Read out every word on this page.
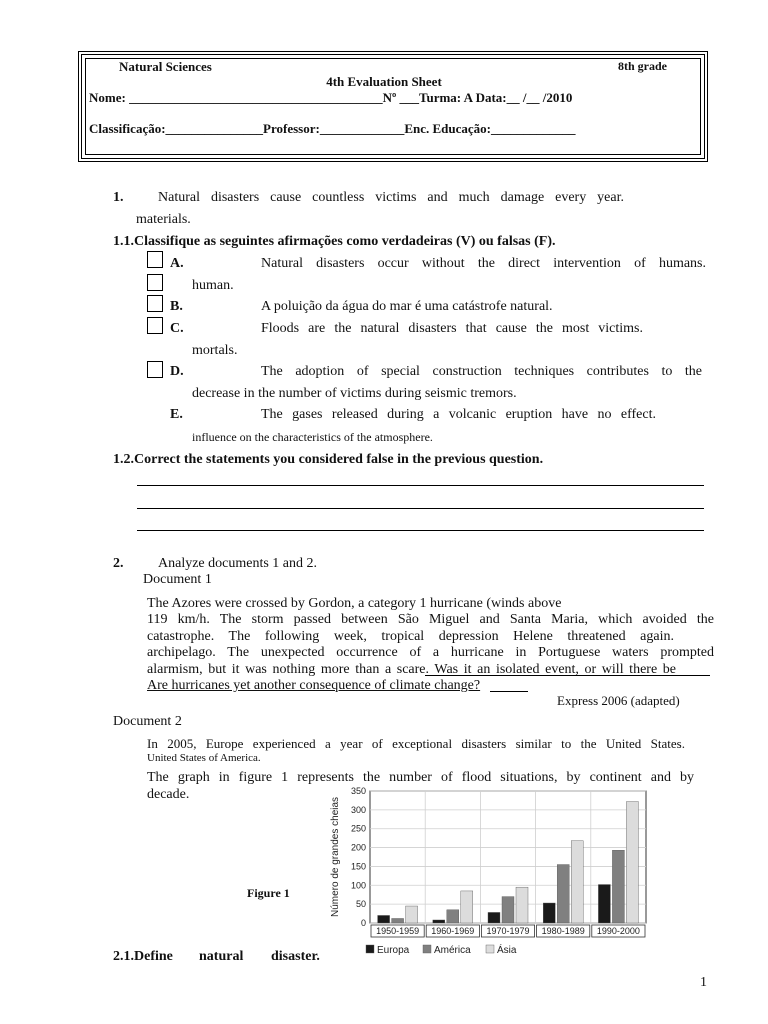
Natural Sciences	8th grade
4th Evaluation Sheet
Nome: _______________________________________Nº ___Turma: A Data:__ /__ /2010
Classificação:_______________Professor:_____________Enc. Educação:_____________
1. Natural disasters cause countless victims and much damage every year.
materials.
1.1.Classifique as seguintes afirmações como verdadeiras (V) ou falsas (F).
A.	Natural disasters occur without the direct intervention of humans.
human.
B.	A poluição da água do mar é uma catástrofe natural.
C.	Floods are the natural disasters that cause the most victims.
mortals.
D.	The adoption of special construction techniques contributes to the
decrease in the number of victims during seismic tremors.
E.	The gases released during a volcanic eruption have no effect.
influence on the characteristics of the atmosphere.
1.2.Correct the statements you considered false in the previous question.
2. Analyze documents 1 and 2.
Document 1
The Azores were crossed by Gordon, a category 1 hurricane (winds above
119 km/h. The storm passed between São Miguel and Santa Maria, which avoided the
catastrophe. The following week, tropical depression Helene threatened again.
archipelago. The unexpected occurrence of a hurricane in Portuguese waters prompted
alarmism, but it was nothing more than a scare. Was it an isolated event, or will there be
Are hurricanes yet another consequence of climate change?
Express 2006 (adapted)
Document 2
In 2005, Europe experienced a year of exceptional disasters similar to the United States.
United States of America.
The graph in figure 1 represents the number of flood situations, by continent and by
decade.
Figure 1
0
50
100
150
200
250
300
350
Número de grandes cheias
1950-1959 1960-1969 1970-1979 1980-1989 1990-2000
Europa América	Ásia
2.1.Define natural disaster.
1
